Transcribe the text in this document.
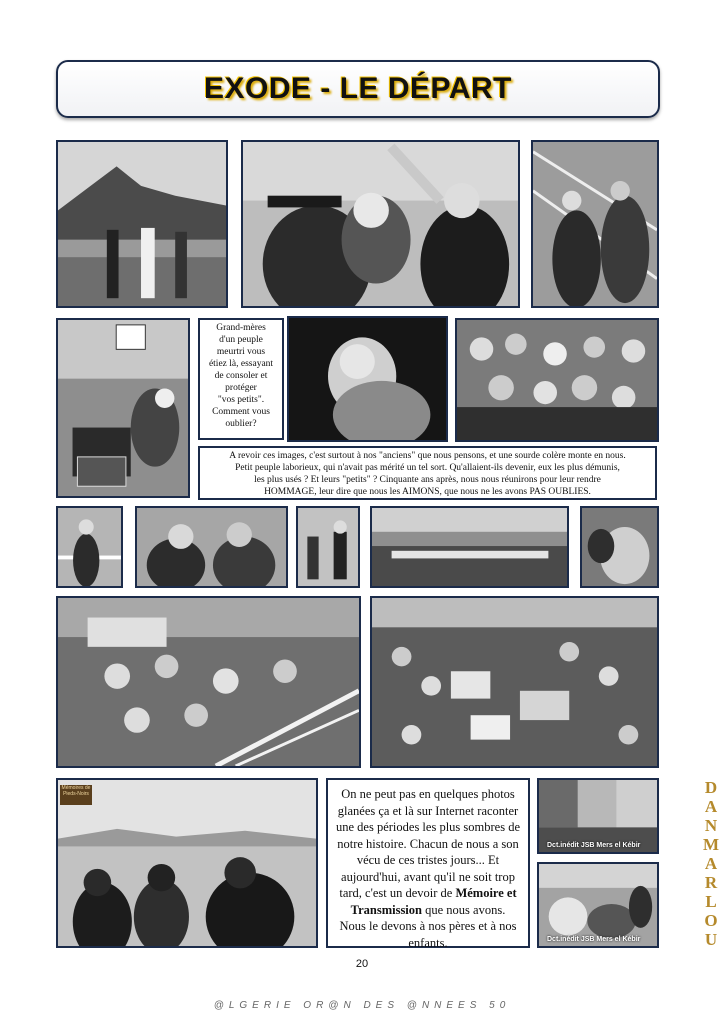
EXODE - LE DÉPART
Grand-mères
d'un peuple
meurtri vous
étiez là, essayant
de consoler et
protéger
"vos petits".
Comment vous
oublier?
A revoir ces images, c'est surtout à nos "anciens" que nous pensons, et une sourde colère monte en nous.
Petit peuple laborieux, qui n'avait pas mérité un tel sort. Qu'allaient-ils devenir, eux les plus démunis,
les plus usés ? Et leurs "petits" ? Cinquante ans après, nous nous réunirons pour leur rendre
HOMMAGE, leur dire que nous les AIMONS, que nous ne les avons PAS OUBLIES.
Mémoires de Pieds-Noirs	On ne peut pas en quelques photos glanées ça et là sur Internet raconter une des périodes les plus sombres de notre histoire. Chacun de nous a son vécu de ces tristes jours... Et aujourd'hui, avant qu'il ne soit trop tard, c'est un devoir de Mémoire et Transmission que nous avons. Nous le devons à nos pères et à nos enfants.
Dct.inédit JSB Mers el Kébir
Dct.inédit JSB Mers el Kébir
DANMARLOU
20
@LGERIE OR@N DES @NNEES 50
